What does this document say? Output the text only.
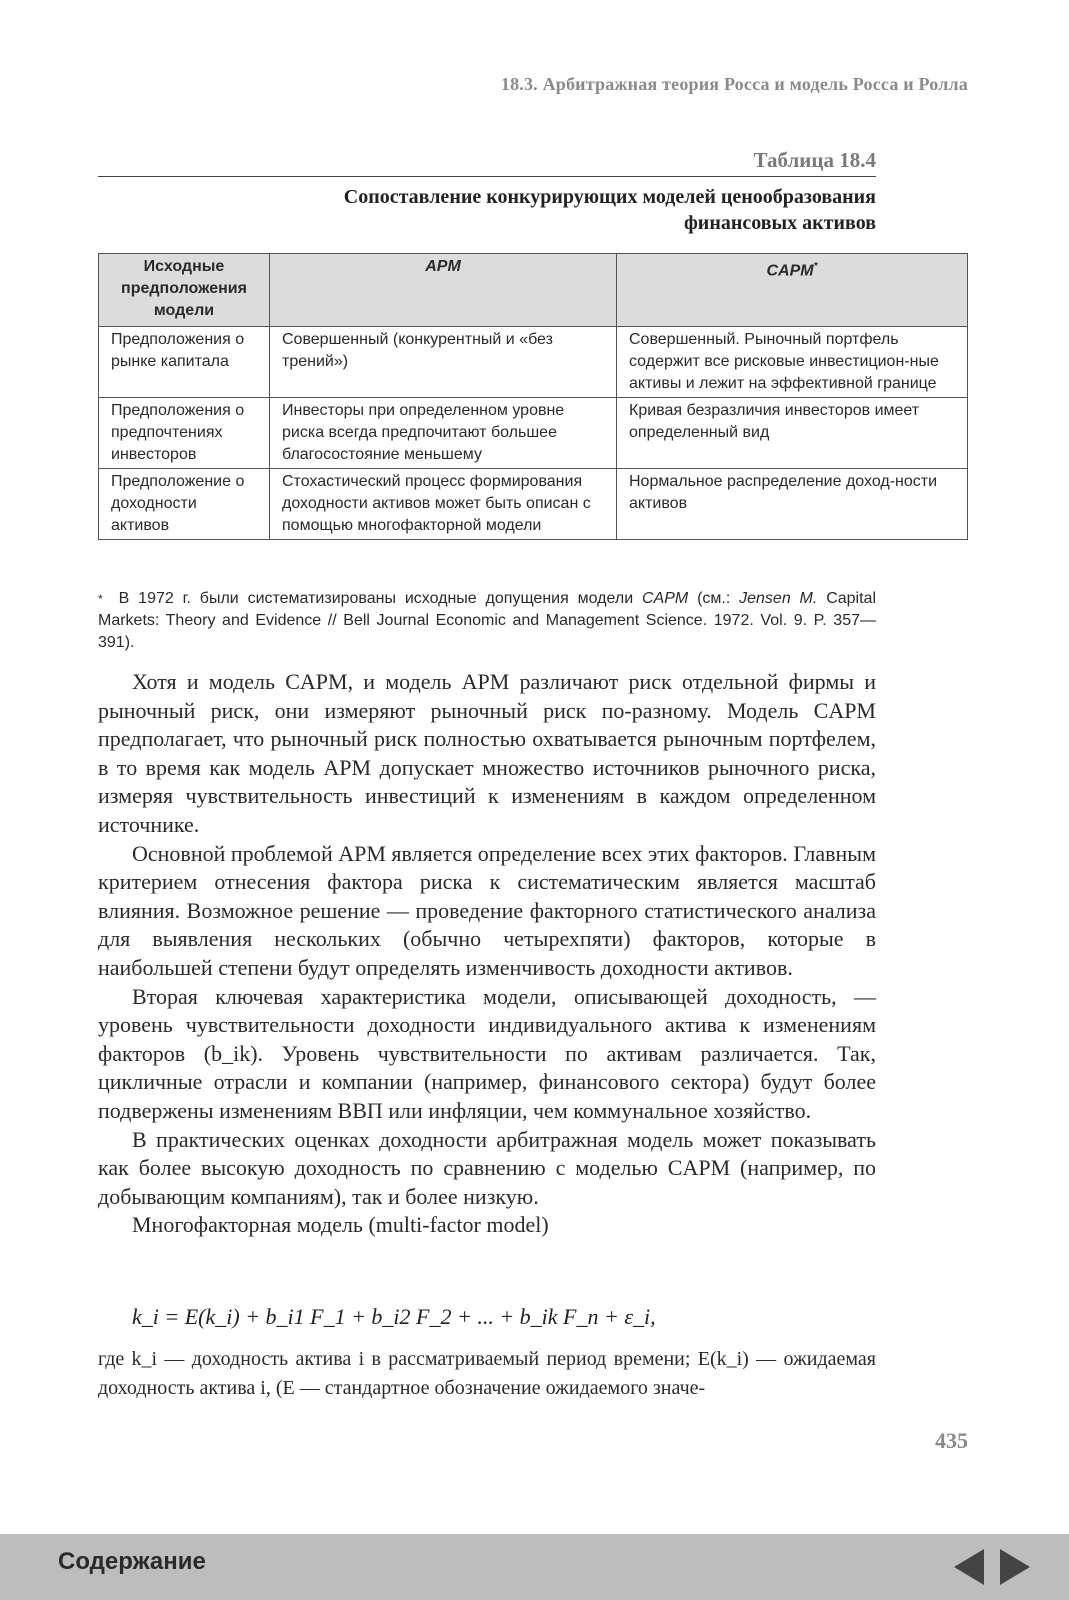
18.3. Арбитражная теория Росса и модель Росса и Ролла
Таблица 18.4
Сопоставление конкурирующих моделей ценообразования
финансовых активов
Исходные предположения модели	APM	CAPM*
Предположения о рынке капитала	Совершенный (конкурентный и «без трений»)	Совершенный. Рыночный портфель содержит все рисковые инвестицион-ные активы и лежит на эффективной границе
Предположения о предпочтениях инвесторов	Инвесторы при определенном уровне риска всегда предпочитают большее благосостояние меньшему	Кривая безразличия инвесторов имеет определенный вид
Предположение о доходности активов	Стохастический процесс формирования доходности активов может быть описан с помощью многофакторной модели	Нормальное распределение доход-ности активов
* В 1972 г. были систематизированы исходные допущения модели CAPM (см.: Jensen M. Capital Markets: Theory and Evidence // Bell Journal Economic and Management Science. 1972. Vol. 9. P. 357—391).

Хотя и модель CAPM, и модель APM различают риск отдельной фирмы и рыночный риск, они измеряют рыночный риск по-разному. Модель CAPM предполагает, что рыночный риск полностью охватывается рыночным портфелем, в то время как модель APM допускает множество источников рыночного риска, измеряя чувствительность инвестиций к изменениям в каждом определенном источнике.

Основной проблемой APM является определение всех этих факторов. Главным критерием отнесения фактора риска к систематическим является масштаб влияния. Возможное решение — проведение факторного статистического анализа для выявления нескольких (обычно четырехпяти) факторов, которые в наибольшей степени будут определять изменчивость доходности активов.

Вторая ключевая характеристика модели, описывающей доходность, — уровень чувствительности доходности индивидуального актива к изменениям факторов (b_ik). Уровень чувствительности по активам различается. Так, цикличные отрасли и компании (например, финансового сектора) будут более подвержены изменениям ВВП или инфляции, чем коммунальное хозяйство.

В практических оценках доходности арбитражная модель может показывать как более высокую доходность по сравнению с моделью CAPM (например, по добывающим компаниям), так и более низкую.

Многофакторная модель (multi-factor model)

k_i = E(k_i) + b_i1 F_1 + b_i2 F_2 + ... + b_ik F_n + ε_i,
где k_i — доходность актива i в рассматриваемый период времени; E(k_i) — ожидаемая доходность актива i, (E — стандартное обозначение ожидаемого значе-
435
Содержание
